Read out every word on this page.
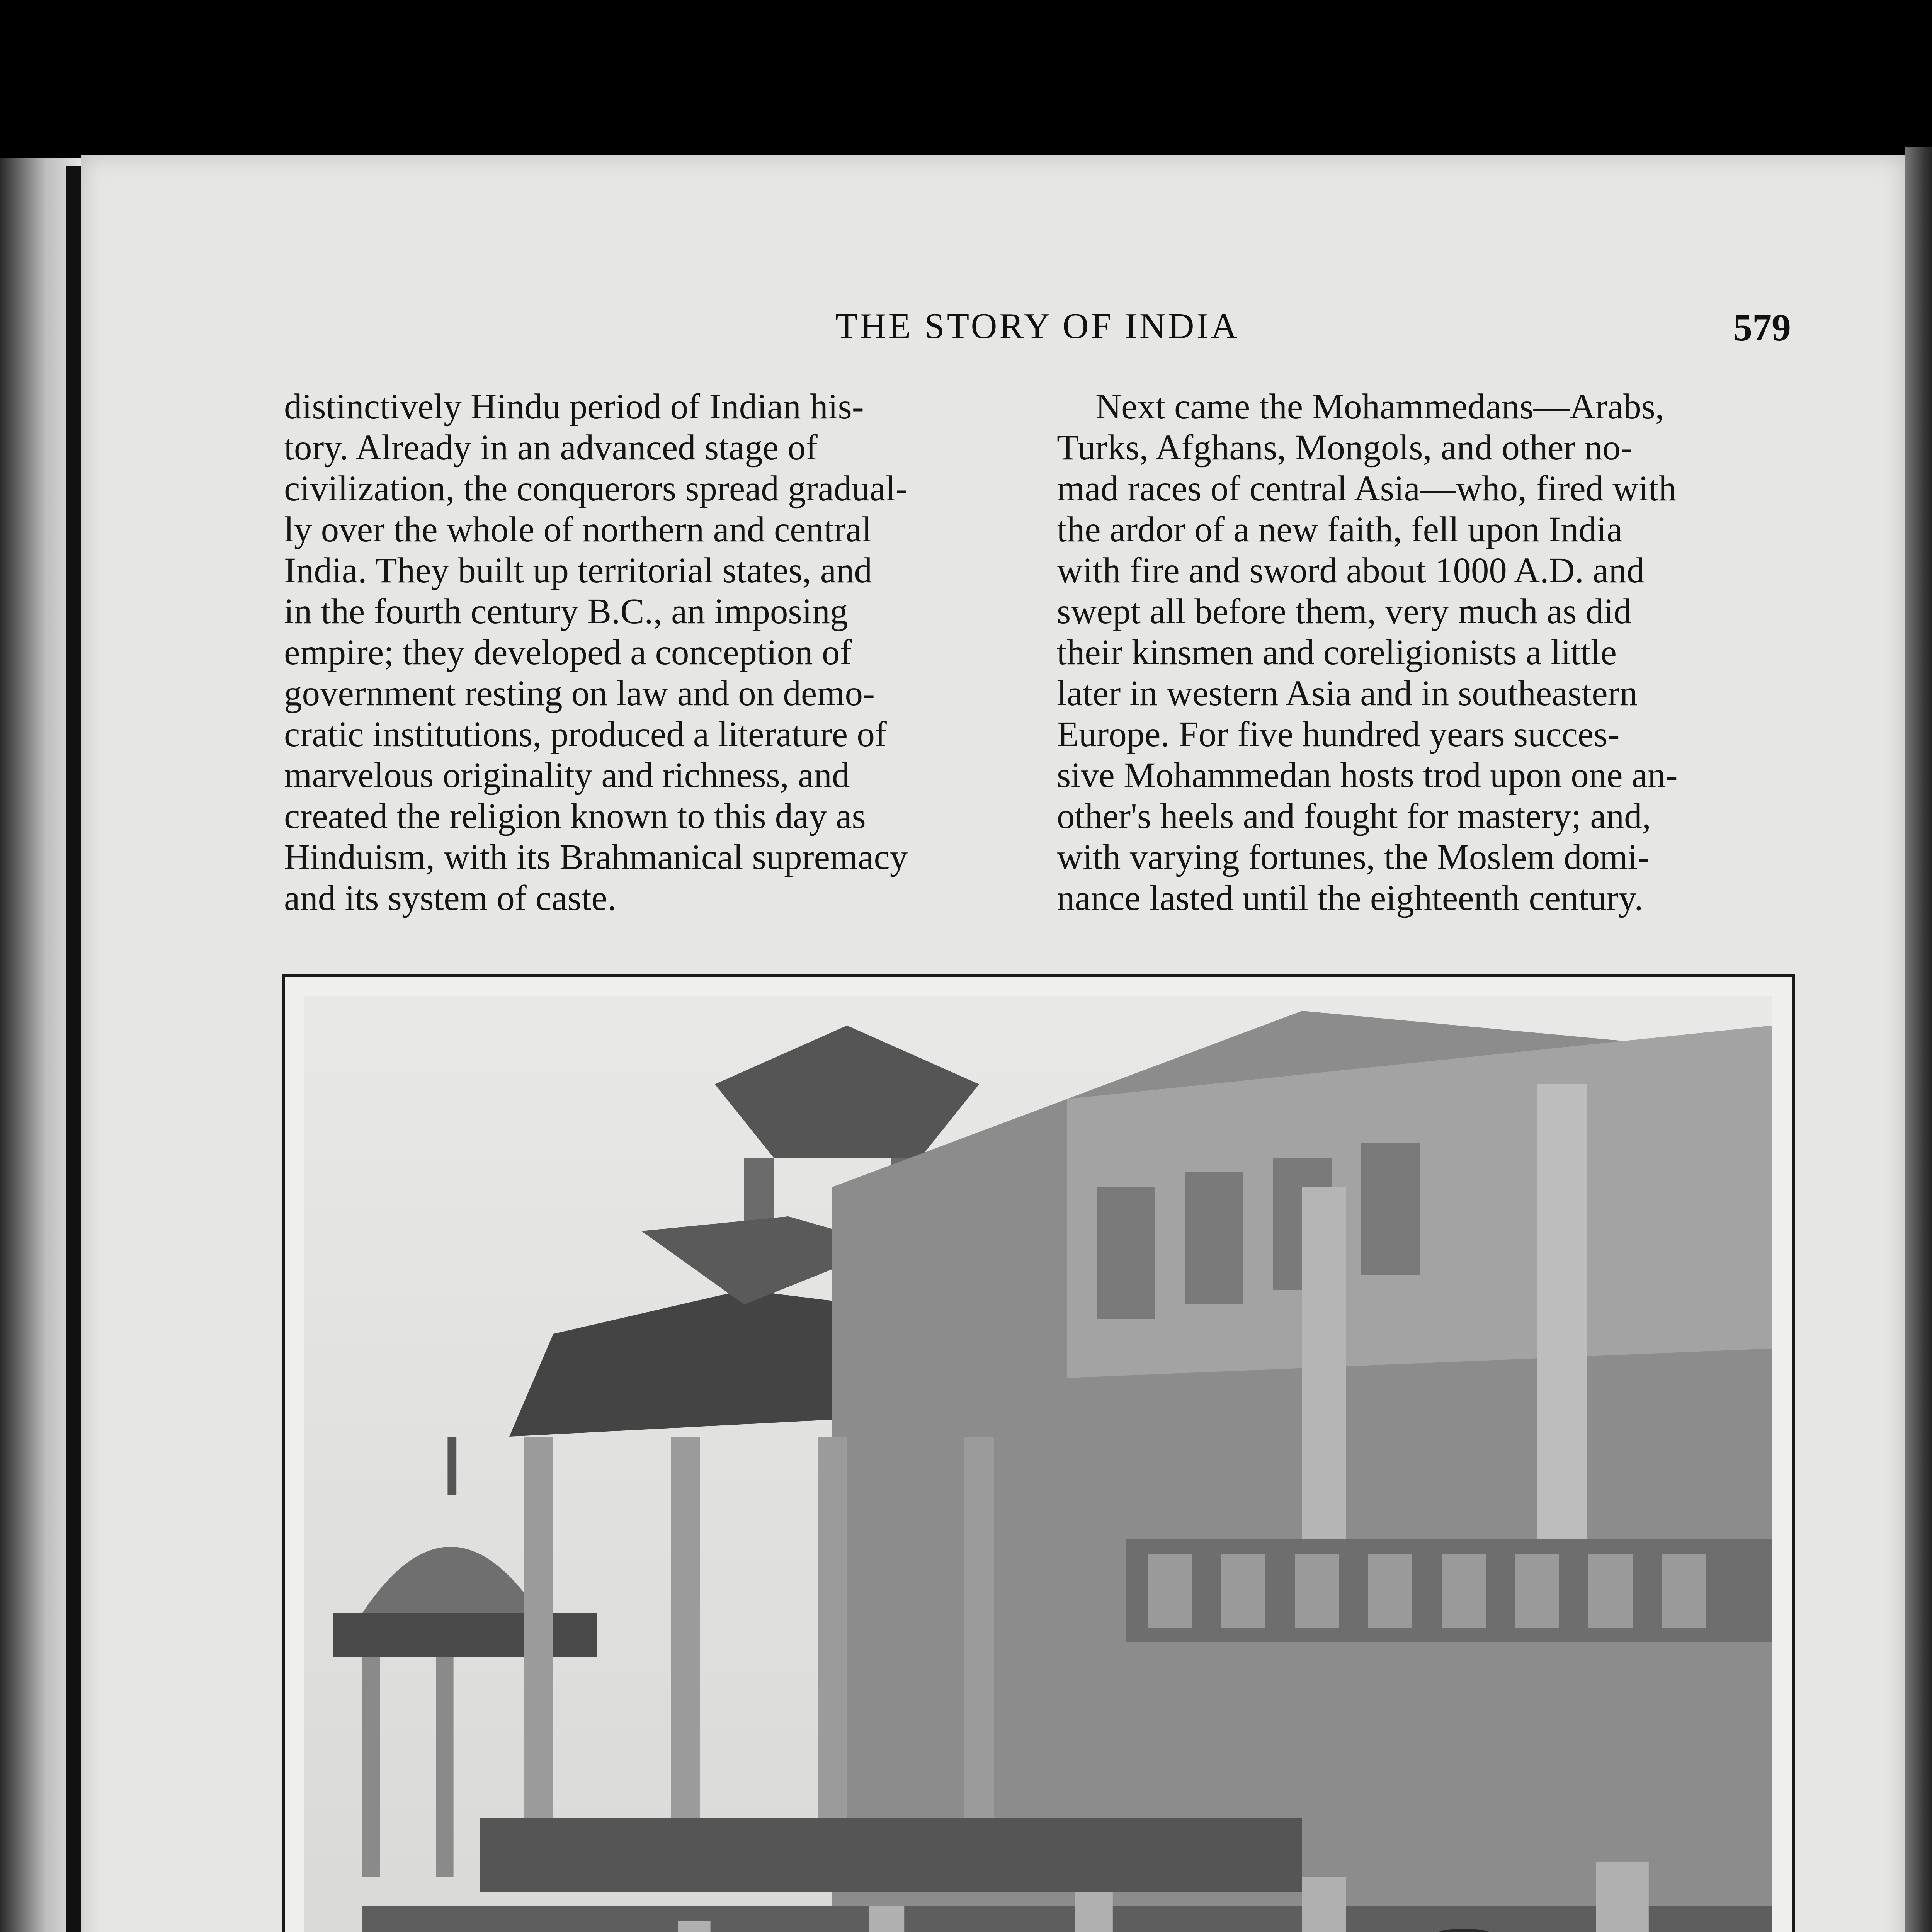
THE STORY OF INDIA	579

distinctively Hindu period of Indian his-

tory. Already in an advanced stage of

civilization, the conquerors spread gradual-

ly over the whole of northern and central

India. They built up territorial states, and

in the fourth century B.C., an imposing

empire; they developed a conception of

government resting on law and on demo-

cratic institutions, produced a literature of

marvelous originality and richness, and

created the religion known to this day as

Hinduism, with its Brahmanical supremacy

and its system of caste.

Next came the Mohammedans—Arabs,

Turks, Afghans, Mongols, and other no-

mad races of central Asia—who, fired with

the ardor of a new faith, fell upon India

with fire and sword about 1000 A.D. and

swept all before them, very much as did

their kinsmen and coreligionists a little

later in western Asia and in southeastern

Europe. For five hundred years succes-

sive Mohammedan hosts trod upon one an-

other's heels and fought for mastery; and,

with varying fortunes, the Moslem domi-

nance lasted until the eighteenth century.
